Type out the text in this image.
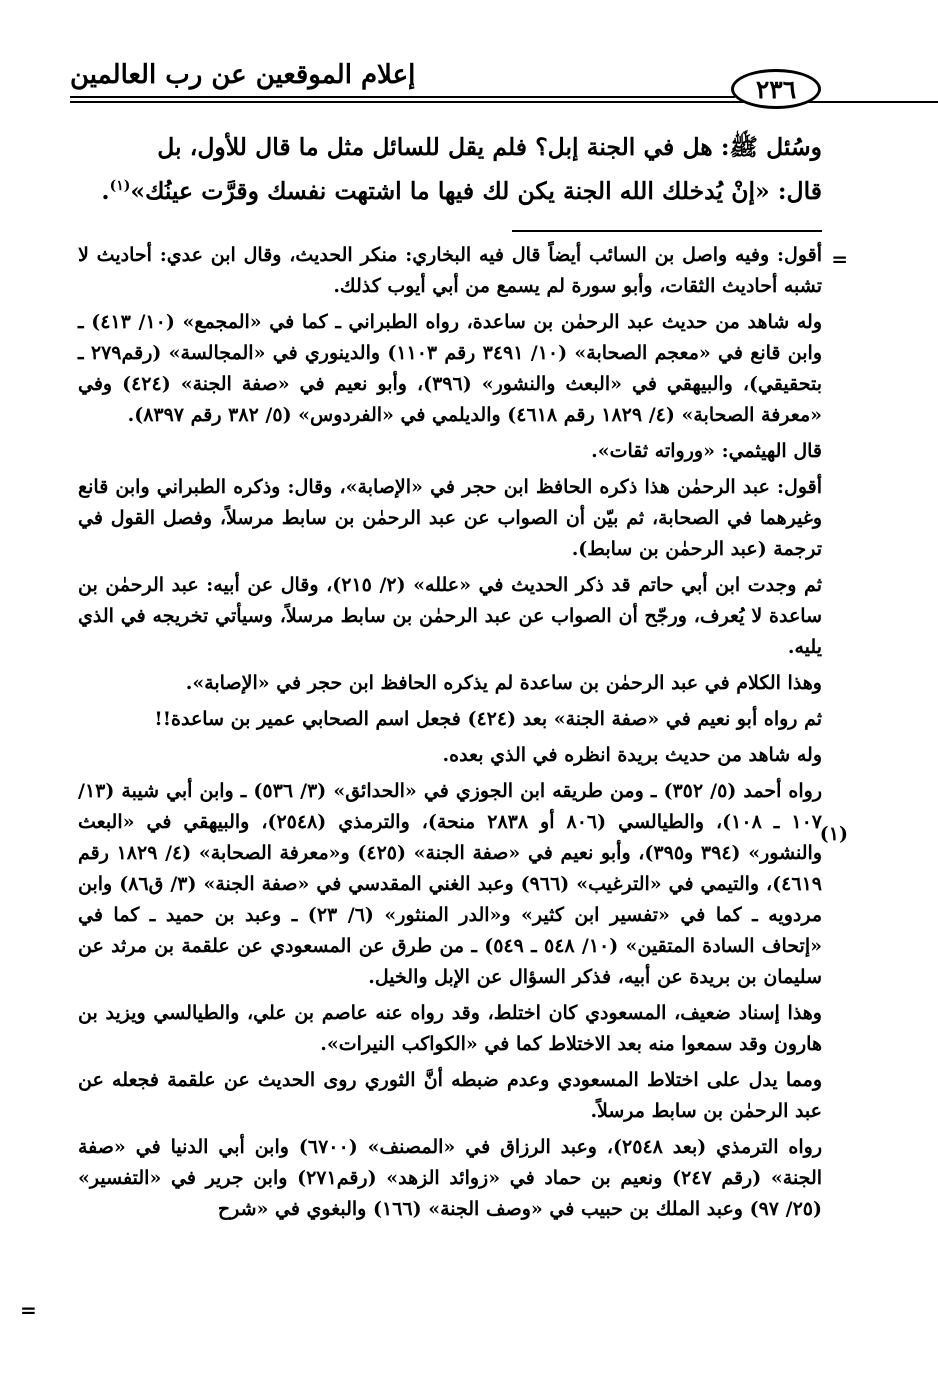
إعلام الموقعين عن رب العالمين	٢٣٦

وسُئل ﷺ: هل في الجنة إبل؟ فلم يقل للسائل مثل ما قال للأول، بل

قال: «إنْ يُدخلك الله الجنة يكن لك فيها ما اشتهت نفسك وقرَّت عينُك»$^{(١)}$.

=
(١)

أقول: وفيه واصل بن السائب أيضاً قال فيه البخاري: منكر الحديث، وقال ابن عدي: أحاديث لا تشبه أحاديث الثقات، وأبو سورة لم يسمع من أبي أيوب كذلك.

وله شاهد من حديث عبد الرحمٰن بن ساعدة، رواه الطبراني ـ كما في «المجمع» (١٠/ ٤١٣) ـ وابن قانع في «معجم الصحابة» (١٠/ ٣٤٩١ رقم ١١٠٣) والدينوري في «المجالسة» (رقم٢٧٩ ـ بتحقيقي)، والبيهقي في «البعث والنشور» (٣٩٦)، وأبو نعيم في «صفة الجنة» (٤٢٤) وفي «معرفة الصحابة» (٤/ ١٨٢٩ رقم ٤٦١٨) والديلمي في «الفردوس» (٥/ ٣٨٢ رقم ٨٣٩٧).

قال الهيثمي: «ورواته ثقات».

أقول: عبد الرحمٰن هذا ذكره الحافظ ابن حجر في «الإصابة»، وقال: وذكره الطبراني وابن قانع وغيرهما في الصحابة، ثم بيّن أن الصواب عن عبد الرحمٰن بن سابط مرسلاً، وفصل القول في ترجمة (عبد الرحمٰن بن سابط).

ثم وجدت ابن أبي حاتم قد ذكر الحديث في «علله» (٢/ ٢١٥)، وقال عن أبيه: عبد الرحمٰن بن ساعدة لا يُعرف، ورجّح أن الصواب عن عبد الرحمٰن بن سابط مرسلاً، وسيأتي تخريجه في الذي يليه.

وهذا الكلام في عبد الرحمٰن بن ساعدة لم يذكره الحافظ ابن حجر في «الإصابة».

ثم رواه أبو نعيم في «صفة الجنة» بعد (٤٢٤) فجعل اسم الصحابي عمير بن ساعدة!!

وله شاهد من حديث بريدة انظره في الذي بعده.

رواه أحمد (٥/ ٣٥٢) ـ ومن طريقه ابن الجوزي في «الحدائق» (٣/ ٥٣٦) ـ وابن أبي شيبة (١٣/ ١٠٧ ـ ١٠٨)، والطيالسي (٨٠٦ أو ٢٨٣٨ منحة)، والترمذي (٢٥٤٨)، والبيهقي في «البعث والنشور» (٣٩٤ و٣٩٥)، وأبو نعيم في «صفة الجنة» (٤٢٥) و«معرفة الصحابة» (٤/ ١٨٢٩ رقم ٤٦١٩)، والتيمي في «الترغيب» (٩٦٦) وعبد الغني المقدسي في «صفة الجنة» (٣/ ق٨٦) وابن مردويه ـ كما في «تفسير ابن كثير» و«الدر المنثور» (٦/ ٢٣) ـ وعبد بن حميد ـ كما في «إتحاف السادة المتقين» (١٠/ ٥٤٨ ـ ٥٤٩) ـ من طرق عن المسعودي عن علقمة بن مرثد عن سليمان بن بريدة عن أبيه، فذكر السؤال عن الإبل والخيل.

وهذا إسناد ضعيف، المسعودي كان اختلط، وقد رواه عنه عاصم بن علي، والطيالسي ويزيد بن هارون وقد سمعوا منه بعد الاختلاط كما في «الكواكب النيرات».

ومما يدل على اختلاط المسعودي وعدم ضبطه أنَّ الثوري روى الحديث عن علقمة فجعله عن عبد الرحمٰن بن سابط مرسلاً.

رواه الترمذي (بعد ٢٥٤٨)، وعبد الرزاق في «المصنف» (٦٧٠٠) وابن أبي الدنيا في «صفة الجنة» (رقم ٢٤٧) ونعيم بن حماد في «زوائد الزهد» (رقم٢٧١) وابن جرير في «التفسير» (٢٥/ ٩٧) وعبد الملك بن حبيب في «وصف الجنة» (١٦٦) والبغوي في «شرح

=
